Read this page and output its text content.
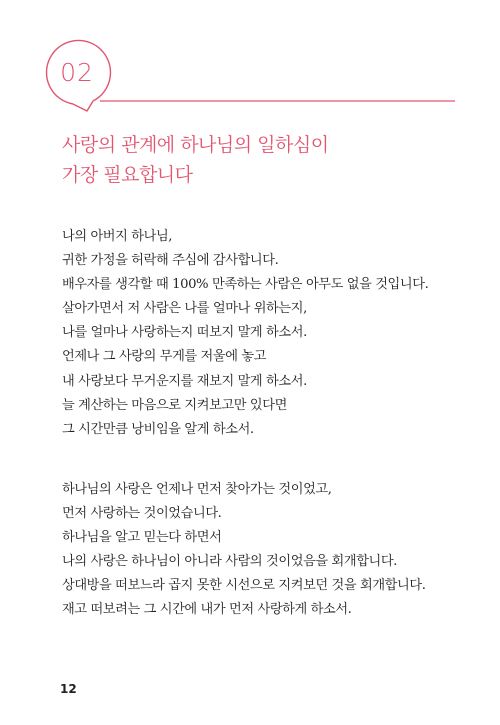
02
사랑의 관계에 하나님의 일하심이
가장 필요합니다
나의 아버지 하나님,
귀한 가정을 허락해 주심에 감사합니다.
배우자를 생각할 때 100% 만족하는 사람은 아무도 없을 것입니다.
살아가면서 저 사람은 나를 얼마나 위하는지,
나를 얼마나 사랑하는지 떠보지 말게 하소서.
언제나 그 사랑의 무게를 저울에 놓고
내 사랑보다 무거운지를 재보지 말게 하소서.
늘 계산하는 마음으로 지켜보고만 있다면
그 시간만큼 낭비임을 알게 하소서.
하나님의 사랑은 언제나 먼저 찾아가는 것이었고,
먼저 사랑하는 것이었습니다.
하나님을 알고 믿는다 하면서
나의 사랑은 하나님이 아니라 사람의 것이었음을 회개합니다.
상대방을 떠보느라 곱지 못한 시선으로 지켜보던 것을 회개합니다.
재고 떠보려는 그 시간에 내가 먼저 사랑하게 하소서.
12
